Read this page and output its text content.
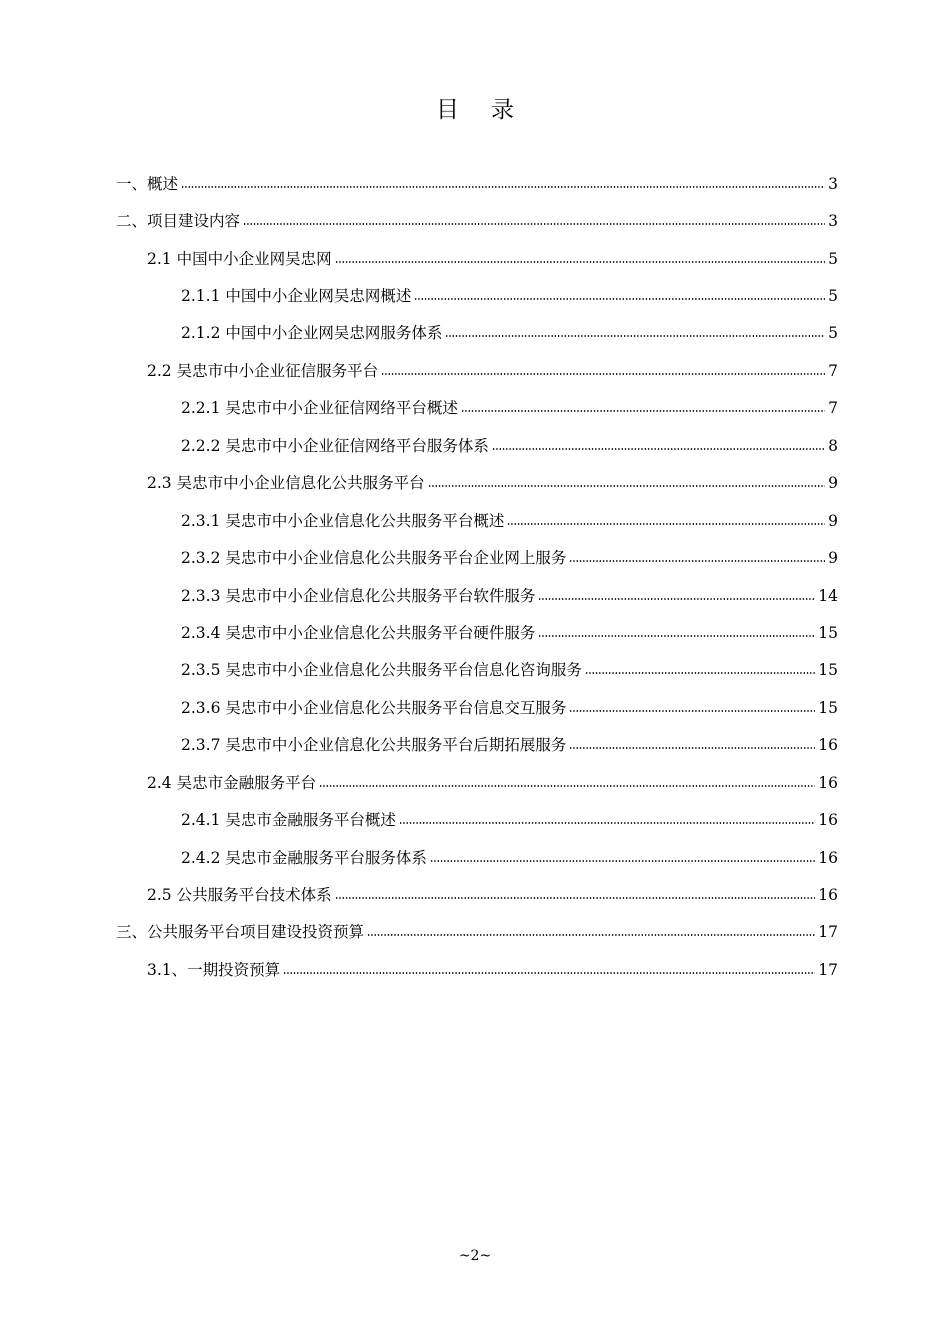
目录
一、概述	3
二、项目建设内容	3
2.1 中国中小企业网吴忠网	5
2.1.1 中国中小企业网吴忠网概述	5
2.1.2 中国中小企业网吴忠网服务体系	5
2.2 吴忠市中小企业征信服务平台	7
2.2.1 吴忠市中小企业征信网络平台概述	7
2.2.2 吴忠市中小企业征信网络平台服务体系	8
2.3 吴忠市中小企业信息化公共服务平台	9
2.3.1 吴忠市中小企业信息化公共服务平台概述	9
2.3.2 吴忠市中小企业信息化公共服务平台企业网上服务	9
2.3.3 吴忠市中小企业信息化公共服务平台软件服务	14
2.3.4 吴忠市中小企业信息化公共服务平台硬件服务	15
2.3.5 吴忠市中小企业信息化公共服务平台信息化咨询服务	15
2.3.6 吴忠市中小企业信息化公共服务平台信息交互服务	15
2.3.7 吴忠市中小企业信息化公共服务平台后期拓展服务	16
2.4 吴忠市金融服务平台	16
2.4.1 吴忠市金融服务平台概述	16
2.4.2 吴忠市金融服务平台服务体系	16
2.5 公共服务平台技术体系	16
三、公共服务平台项目建设投资预算	17
3.1、一期投资预算	17
~2~
